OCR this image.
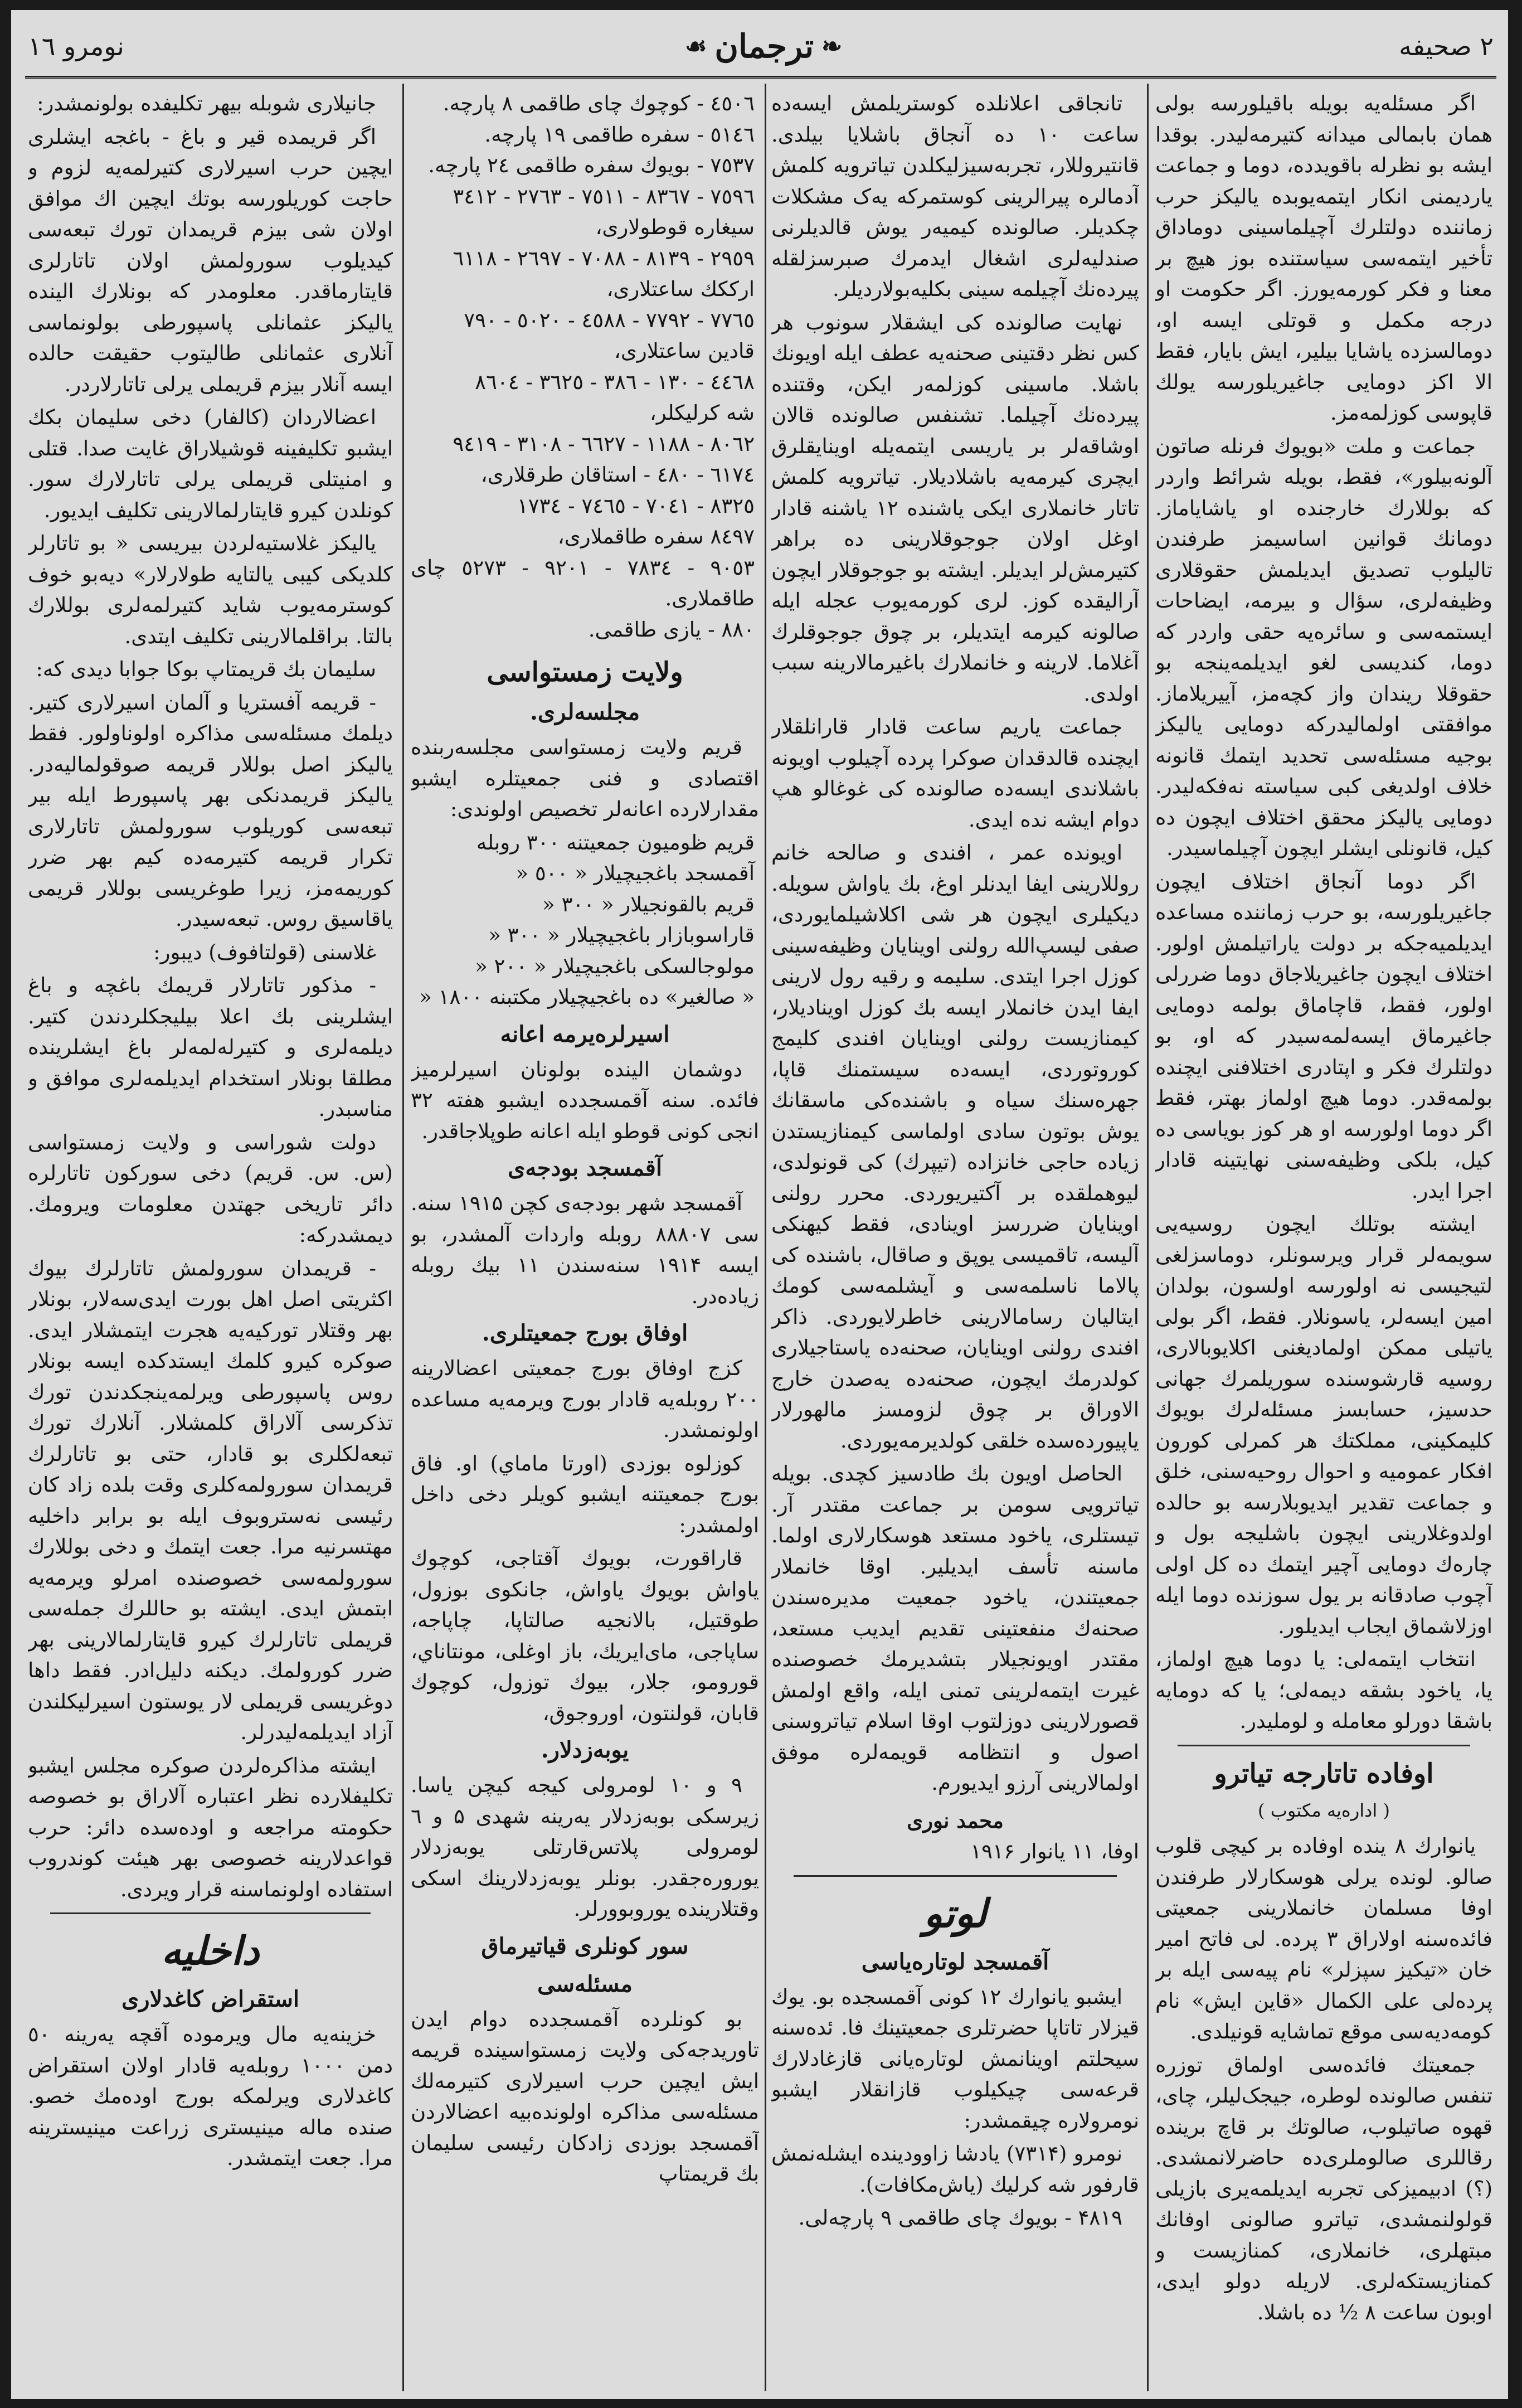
نومرو ١٦	❧
ترجمان
☙	۲ صحیفه

اگر مسئله‌یه بویله باقیلورسه بولی همان بابمالی میدانه کتیرمه‌لیدر. بوقدا ایشه بو نظرله باقویدده، دوما و جماعت یاردیمنی انکار ایتمه‌یوبده یالیکز حرب زماننده دولتلرك آچیلماسینی دوماداق تأخیر ایتمه‌سی سیاستنده بوز هیچ بر معنا و فکر کورمه‌یورز. اگر حکومت او درجه مکمل و قوتلی ایسه او، دومالسزده یاشایا بیلیر، ایش بایار، فقط الا اکز دومایی جاغیریلورسه یولك قاپوسی کوزلمه‌مز.

جماعت و ملت «بویوك فرنله صاتون آلونه‌بیلور»، فقط، بویله شرائط واردر که بوللارك خارجنده او یاشایاماز. دومانك قوانین اساسیمز طرفندن تالیلوب تصدیق ایدیلمش حقوقلاری وظیفه‌لری، سؤال و بیرمه، ایضاحات ایستمه‌سی و سائره‌یه حقی واردر که دوما، کندیسی لغو ایدیلمه‌ینجه بو حقوقلا ریندان واز کچه‌مز، آییریلاماز. موافقتی اولمالیدرکه دومایی یالیکز بوجیه مسئله‌سی تحدید ایتمك قانونه خلاف اولدیغی کبی سیاسته نه‌فکه‌لیدر. دومایی یالیکز محقق اختلاف ایچون ده کیل، قانونلی ایشلر ایچون آچیلماسیدر.

اگر دوما آنجاق اختلاف ایچون جاغیریلورسه، بو حرب زماننده مساعده ایدیلمیه‌جکه بر دولت یاراتیلمش اولور. اختلاف ایچون جاغیریلاجاق دوما ضررلی اولور، فقط، قاچاماق بولمه دومایی جاغیرماق ایسه‌لمه‌سیدر که او، بو دولتلرك فکر و اپتادری اختلافنی ایچنده بولمه‌قدر. دوما هیچ اولماز بهتر، فقط اگر دوما اولورسه او هر کوز بویاسی ده کیل، بلکی وظیفه‌سنی نهایتینه قادار اجرا ایدر.

ایشته بوتلك ایچون روسیه‌یی سویمه‌لر قرار ویرسونلر، دوماسزلغی لتیجیسی نه اولورسه اولسون، بولدان امین ایسه‌لر، یاسونلار. فقط، اگر بولی یاتیلی ممکن اولمادیغنی اکلایوبالاری، روسیه قارشوسنده سوریلمرك جهانی حدسیز، حسابسز مسئله‌لرك بویوك کلیمکینی، مملکتك هر کمرلی کورون افکار عمومیه و احوال روحیه‌سنی، خلق و جماعت تقدیر ایدیوبلارسه بو حالده اولدوغلارینی ایچون باشلیجه بول و چاره‌ك دومایی آچیر ایتمك ده کل اولی آچوب صادقانه بر یول سوزنده دوما ایله اوزلاشماق ایجاب ایدیلور.

انتخاب ایتمه‌لی: یا دوما هیچ اولماز، یا، یاخود بشقه دیمه‌لی؛ یا که دومایه باشقا دورلو معامله و لوملیدر.

اوفاده تاتارجه تیاترو
( اداره‌یه مکتوب )

یانوارك ۸ ینده اوفاده بر کیچی قلوب صالو. لونده یرلی هوسکارلار طرفندن اوفا مسلمان خانملارینی جمعیتی فائده‌سنه اولاراق ۳ پرده. لی فاتح امیر خان «تیکیز سپزلر» نام پیه‌سی ایله بر پرده‌لی علی الکمال «قاین ایش» نام کومه‌دیه‌سی موقع تماشایه قونیلدی.

جمعیتك فائده‌سی اولماق توزره تنفس صالونده لوطره، جیجک‌لیلر، چای، قهوه صاتیلوب، صالوتك بر قاچ برینده رقاللری صالوملری‌ده حاضرلانمشدی. (؟) ادبیمیزکی تجربه ایدیلمه‌یری بازیلی قولولنمشدی، تیاترو صالونی اوفانك مبتهلری، خانملاری، کمنازیست و کمنازیستکه‌لری. لاریله دولو ایدی، اوبون ساعت ۸ ½ ده باشلا.

تانجاقی اعلانلده کوستریلمش ایسه‌ده ساعت ۱۰ ده آنجاق باشلایا بیلدی. قانتیروللار، تجربه‌سیزلیکلدن تیاترویه کلمش آدمالره پیرالرینی کوستمرکه یه‌ک مشکلات چکدیلر. صالونده کیمیه‌ر یوش قالدیلرنی صندلیه‌لری اشغال ایدمرك صبرسزلقله پیرده‌نك آچیلمه‌ سینی بکلیه‌بولاردیلر.

نهایت صالونده کی ایشقلار سونوب هر کس نظر دقتینی صحنه‌یه عطف ایله اویونك باشلا. ماسینی کوزلمه‌ر ایکن، وقتنده پیرده‌نك آچیلما. تشنفس صالونده قالان اوشاقه‌لر بر یاریسی ایتمه‌یله اوینایقلرق ایچری کیرمه‌یه باشلادیلار. تیاترویه کلمش تاتار خانملاری ایکی یاشنده ۱۲ یاشنه قادار اوغل اولان جوجوقلارینی ده براهر کتیرمش‌لر ایدیلر. ایشته بو جوجوقلار ایچون آرالیقده کوز. لری کورمه‌یوب عجله ایله صالونه کیرمه ایتدیلر، بر چوق جوجوقلرك آغلاما. لارینه و خانملارك باغیرمالارینه سبب اولدی.

جماعت یاریم ساعت قادار قارانلقلار ایچنده قالدقدان صوکرا پرده آچیلوب اویونه باشلاندی ایسه‌ده صالونده کی غوغالو هپ دوام ایشه نده ایدی.

اویونده عمر ، افندی و صالحه خانم روللارینی ایفا ایدنلر اوغ، بك یاواش سویله. دیکیلری ایچون هر شی اکلاشیلمایوردی، صفی لیسپ‌الله رولنی اوینایان وظیفه‌سینی کوزل اجرا ایتدی. سلیمه و رقیه رول لارینی ایفا ایدن خانملار ایسه بك کوزل اوینادیلار، کیمنازیست رولنی اوینایان افندی کلیمج کوروتوردی، ایسه‌ده سیستمنك قاپا، جهره‌سنك سیاه و باشنده‌کی ماسقانك یوش بوتون سادی اولماسی کیمنازیستدن زیاده حاجی خانزاده (تیپرك) کی قونولدی، لیوهملقده بر آکتیریوردی. محرر رولنی اوینایان ضررسز اوینادی، فقط کیهنکی آلیسه، تاقمیسی یوپق و صاقال، باشنده کی پالاما ناسلمه‌سی و آیشلمه‌سی کومك ایتالیان رسامالارینی خاطرلایوردی. ذاکر افندی رولنی اوینایان، صحنه‌ده یاستاجیلاری کولدرمك ایچون، صحنه‌ده یه‌صدن خارج الاوراق بر چوق لزومسز مالهورلار یاپیورده‌سده خلقی کولدیرمه‌یوردی.

الحاصل اویون بك طادسیز کچدی. بویله تیاترویی سومن بر جماعت مقتدر آر. تیستلری، یاخود مستعد هوسکارلاری اولما. ماسنه تأسف ایدیلیر. اوقا خانملار جمعیتندن، یاخود جمعیت مدیره‌سندن صحنه‌ك منفعتینی تقدیم ایدیب مستعد، مقتدر اویونجیلار بتشدیرمك خصوصنده غیرت ایتمه‌لرینی تمنی ایله، واقع اولمش قصورلارینی دوزلتوب اوقا اسلام تیاترو‌سنی اصول و انتظامه قویمه‌لره موفق اولمالارینی آرزو ایدیورم.

محمد نوری
اوفا، ۱۱ یانوار ۱۹۱۶
لوتو
آقمسجد لوتاره‌یاسی

ایشبو یانوارك ۱۲ کونی آقمسجده بو. یوك قیزلار تاتاپا حضرتلری جمعیتینك فا. ئده‌سنه سیحلتم اوینانمش لوتاره‌یانی قازغادلارك قرعه‌سی چیکیلوب قازانقلار ایشبو نومرولاره چیقمشدر:

نومرو (۷۳۱۴) یادشا زاوودینده ایشله‌نمش قارفور شه کرلیك (یاش‌مکافات).

۴۸۱۹ - بویوك چای طاقمی ۹ پارچه‌لی.

٤٥٠٦ - کوچوك چای طاقمی ۸ پارچه.
٥١٤٦ - سفره طاقمی ۱۹ پارچه.
٧٥٣٧ - بویوك سفره طاقمی ٢٤ پارچه.
٧٥٩٦ - ٨٣٦٧ - ٧٥١١ - ٢٧٦٣ - ٣٤١٢
سیغاره قوطولاری،
٢٩٥٩ - ٨١٣٩ - ٧٠٨٨ - ٢٦٩٧ - ٦١١٨
ارککك ساعتلاری،
٧٧٦٥ - ٧٧٩٢ - ٤٥٨٨ - ٥٠٢٠ - ٧٩٠
قادین ساعتلاری،
٤٤٦٨ - ١٣٠ - ٣٨٦ - ٣٦٢٥ - ٨٦٠٤
شه کرلیکلر،
٨٠٦٢ - ١١٨٨ - ٦٦٢٧ - ٣١٠٨ - ٩٤١٩
٦١٧٤ - ٤٨٠ - استاقان طرقلاری،
٨٣٢٥ - ٧٠٤١ - ٧٤٦٥ - ١٧٣٤
٨٤٩٧ سفره طاقملاری،
٩٠٥٣ - ٧٨٣٤ - ٩٢٠١ - ٥٢٧٣ چای طاقملاری.
۸۸۰ - یازی طاقمی.
ولایت زمستواسی
مجلسه‌لری.

قریم ولایت زمستواسی مجلسه‌ربنده اقتصادی و فنی جمعیتلره ایشبو مقدارلارده اعانه‌لر تخصیص اولوندی:

قریم ظومیون جمعیتنه ٣٠٠ روبله
آقمسجد باغجیچیلار « ٥٠٠ «
قریم بالقونجیلار « ٣٠٠ «
قاراسوبازار باغجیچیلار « ٣٠٠ «
مولوجالسکی باغجیچیلار « ٢٠٠ «
« صالغیر» ده باغجیچیلار مکتبنه ١٨٠٠ «
اسیرلره‌یرمه اعانه

دوشمان الینده بولونان اسیرلرمیز فائده. سنه آقمسجدده ایشبو هفته ۳۲ انجی کونی قوطو ایله اعانه طوپلاجاقدر.

آقمسجد بودجه‌ی

آقمسجد شهر بودجه‌ی کچن ۱۹۱۵ سنه. سی ٨٨٨٠٧ روبله واردات آلمشدر، بو ایسه ۱۹۱۴ سنه‌سندن ۱۱ بیك روبله زیاده‌در.

اوفاق بورج جمعیتلری.

کزج اوفاق بورج جمعیتی اعضالارینه ۲۰۰ روبله‌یه قادار بورج ویرمه‌یه مساعده اولونمشدر.

کوزلوه بوزدی (اورتا ماماي) او. فاق بورج جمعیتنه ایشبو کویلر دخی داخل اولمشدر:

قاراقورت، بویوك آقتاجی، کوچوك یاواش بویوك یاواش، جانکوی بوزول، طوقتیل، بالانجیه صالتاپا، چاپاجه، ساپاجی، مای‌ایریك، باز اوغلی، مونتاناي، قورومو، جلار، بیوك توزول، کوچوك قابان، قولنتون، اوروجوق،

یوبه‌زدلار.

۹ و ۱۰ لومرولی کیجه کیچن یاسا. زیرسکی بوبه‌زدلار یه‌رینه شهدی ۵ و ٦ لومرولی پلاتس‌قارتلی یوبه‌زدلار یوروره‌جقدر. بونلر یوبه‌زدلارینك اسکی وقتلارینده یوروبوورلر.

سور کونلری قیاتیرماق
مسئله‌سی

بو کونلرده آقمسجدده دوام ایدن تاورید‌جه‌کی ولایت زمستواسینده قریمه ایش ایچین حرب اسیرلاری کتیرمه‌لك مسئله‌سی مذاکره اولونده‌بیه اعضالاردن آقمسجد بوزدی زادکان رئیسی سلیمان بك قریمتاپ

جانیلاری شوبله بیهر تکلیفده بولونمشدر:

اگر قریمده قیر و باغ - باغجه ایشلری ایچین حرب اسیرلاری کتیرلمه‌یه لزوم و حاجت کوریلورسه بوتك ایچین اك موافق اولان شی بیزم قریمدان تورك تبعه‌سی کیدیلوب سورولمش اولان تاتارلری قایتارماقدر. معلومدر که بونلارك الینده یالیکز عثمانلی پاسپورطی بولونماسی آنلاری عثمانلی طالیتوب حقیقت حالده ایسه آنلار بیزم قریملی یرلی تاتارلاردر.

اعضالاردان (کالفار) دخی سلیمان بکك ایشبو تکلیفینه قوشیلاراق غایت صدا. قتلی و امنیتلی قریملی یرلی تاتارلارك سور. کونلدن کیرو قایتارلمالارینی تکلیف ایدیور.

یالیکز غلاستیه‌لردن بیریسی « بو تاتارلر کلدیکی کیبی یالتایه طولارلار» دیه‌بو خوف کوسترمه‌یوب شاید کتیرلمه‌لری بوللارك بالتا. براقلمالارینی تکلیف ایتدی.

سلیمان بك قریمتاپ بوکا جوابا دیدی که:

- قریمه آفستریا و آلمان اسیرلاری کتیر. دیلمك مسئله‌سی مذاکره اولوناولور. فقط یالیکز اصل بوللار قریمه صوقولمالیه‌در. یالیکز قریمدنکی بهر پاسپورط ایله بیر تبعه‌سی کوریلوب سورولمش تاتارلاری تکرار قریمه کتیرمه‌ده کیم بهر ضرر کوریمه‌مز، زیرا طوغریسی بوللار قریمی یاقاسیق روس. تبعه‌سیدر.

غلاسنی (قولتافوف) دیبور:

- مذکور تاتارلار قریمك باغچه و باغ ایشلرینی بك اعلا بیلیجکلردندن کتیر. دیلمه‌لری و کتیرله‌لمه‌لر باغ ایشلرینده مطلقا بونلار استخدام ایدیلمه‌لری موافق و مناسبدر.

دولت شوراسی و ولایت زمستواسی (س. س. قریم) دخی سورکون تاتارلره دائر تاریخی جهتدن معلومات ویرومك. دیمشدرکه:

- قریمدان سورولمش تاتارلرك بیوك اکثریتی اصل اهل بورت ایدی‌سه‌لار، بونلار بهر وقتلار تورکیه‌یه هجرت ایتمشلار ایدی. صوکره کیرو کلمك ایستدکده ایسه بونلار روس پاسپورطی ویرلمه‌ینجکدندن تورك تذکرسی آلاراق کلمشلار. آنلارك تورك تبعه‌لکلری بو قادار، حتی بو تاتارلرك قریمدان سورولمه‌کلری وقت بلده زاد کان رئیسی نه‌ستروبوف ایله بو برابر داخلیه مهتسرنیه مرا. جعت ایتمك و دخی بوللارك سورولمه‌سی خصوصنده امرلو ویرمه‌یه ابتمش ایدی. ایشته بو حاللرك جمله‌سی قریملی تاتارلرك کیرو قایتارلمالارینی بهر ضرر کورولمك. دیکنه دلیل‌ادر. فقط داها دوغریسی قریملی لار یوستون اسیرلیکلندن آزاد ایدیلمه‌لیدرلر.

ایشته مذاکره‌لردن صوکره مجلس ایشبو تکلیفلارده نظر اعتباره آلاراق بو خصوصه حکومته مراجعه و اوده‌سده دائر: حرب قواعدلارینه خصوصی بهر هیئت کوندروب استفاده اولونماسنه قرار ویردی.

داخلیه
استقراض کاغدلاری

خزینه‌یه مال ویرموده آقچه یه‌رینه ٥٠ دمن ١٠٠٠ روبله‌یه قادار اولان استقراض کاغدلاری ویرلمکه بورج اوده‌مك خصو. صنده ماله مینیستری زراعت مینیسترینه مرا. جعت ایتمشدر.
